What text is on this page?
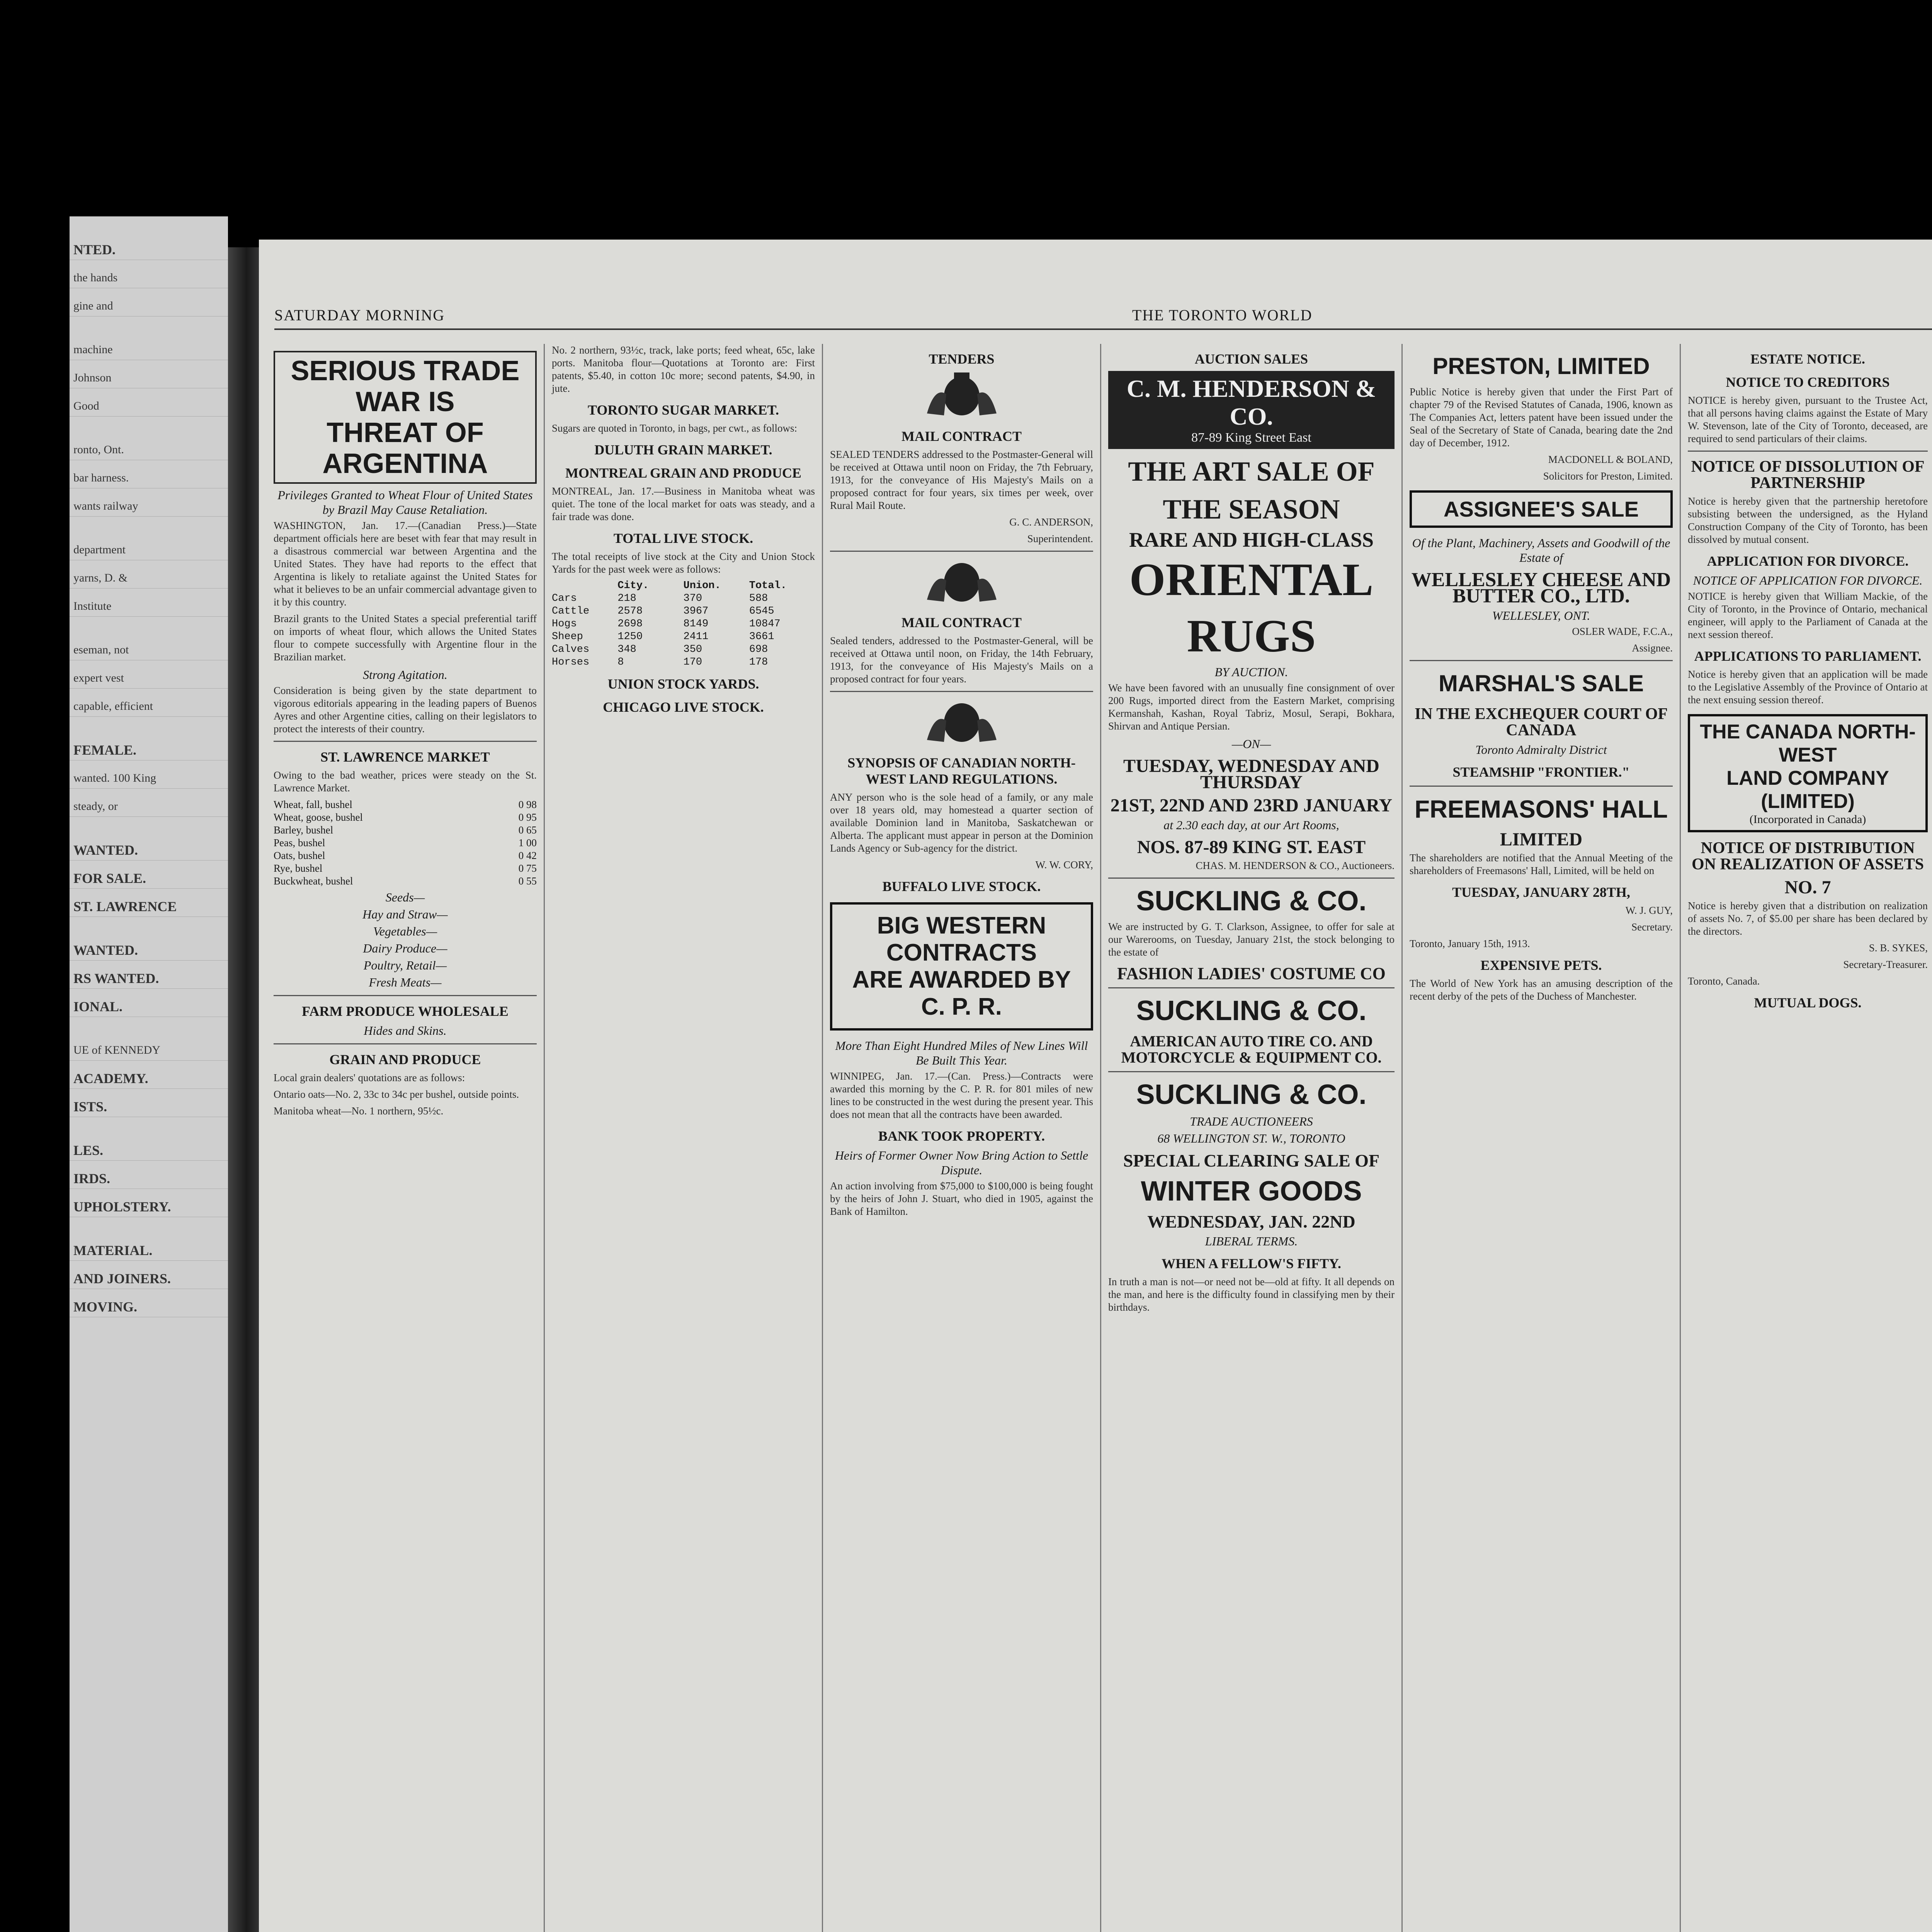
NTED.
the hands
gine and
machine
Johnson
Good
ronto, Ont.
bar harness.
wants railway
department
yarns, D. &
Institute
eseman, not
expert vest
capable, efficient
FEMALE.
wanted. 100 King
steady, or
WANTED.
FOR SALE.
ST. LAWRENCE
WANTED.
RS WANTED.
IONAL.
UE of KENNEDY
ACADEMY.
ISTS.
LES.
IRDS.
UPHOLSTERY.
MATERIAL.
AND JOINERS.
MOVING.
SATURDAY MORNING	THE TORONTO WORLD

SERIOUS TRADE WAR IS
THREAT OF ARGENTINA
Privileges Granted to Wheat Flour of United States by Brazil May Cause Retaliation.

WASHINGTON, Jan. 17.—(Canadian Press.)—State department officials here are beset with fear that may result in a disastrous commercial war between Argentina and the United States. They have had reports to the effect that Argentina is likely to retaliate against the United States for what it believes to be an unfair commercial advantage given to it by this country.

Brazil grants to the United States a special preferential tariff on imports of wheat flour, which allows the United States flour to compete successfully with Argentine flour in the Brazilian market.

Strong Agitation.

Consideration is being given by the state department to vigorous editorials appearing in the leading papers of Buenos Ayres and other Argentine cities, calling on their legislators to protect the interests of their country.

ST. LAWRENCE MARKET

Owing to the bad weather, prices were steady on the St. Lawrence Market.

Wheat, fall, bushel	0 98
Wheat, goose, bushel	0 95
Barley, bushel	0 65
Peas, bushel	1 00
Oats, bushel	0 42
Rye, bushel	0 75
Buckwheat, bushel	0 55
Seeds—
Hay and Straw—
Vegetables—
Dairy Produce—
Poultry, Retail—
Fresh Meats—
FARM PRODUCE WHOLESALE
Hides and Skins.
GRAIN AND PRODUCE

Local grain dealers' quotations are as follows:

Ontario oats—No. 2, 33c to 34c per bushel, outside points.

Manitoba wheat—No. 1 northern, 95½c.

No. 2 northern, 93½c, track, lake ports; feed wheat, 65c, lake ports. Manitoba flour—Quotations at Toronto are: First patents, $5.40, in cotton 10c more; second patents, $4.90, in jute.

TORONTO SUGAR MARKET.

Sugars are quoted in Toronto, in bags, per cwt., as follows:

DULUTH GRAIN MARKET.
MONTREAL GRAIN AND PRODUCE

MONTREAL, Jan. 17.—Business in Manitoba wheat was quiet. The tone of the local market for oats was steady, and a fair trade was done.

TOTAL LIVE STOCK.

The total receipts of live stock at the City and Union Stock Yards for the past week were as follows:

City.	Union.	Total.
Cars	218	370	588
Cattle	2578	3967	6545
Hogs	2698	8149	10847
Sheep	1250	2411	3661
Calves	348	350	698
Horses	8	170	178
UNION STOCK YARDS.
CHICAGO LIVE STOCK.
TENDERS
MAIL CONTRACT

SEALED TENDERS addressed to the Postmaster-General will be received at Ottawa until noon on Friday, the 7th February, 1913, for the conveyance of His Majesty's Mails on a proposed contract for four years, six times per week, over Rural Mail Route.

G. C. ANDERSON,

Superintendent.

MAIL CONTRACT

Sealed tenders, addressed to the Postmaster-General, will be received at Ottawa until noon, on Friday, the 14th February, 1913, for the conveyance of His Majesty's Mails on a proposed contract for four years.

SYNOPSIS OF CANADIAN NORTH-WEST LAND REGULATIONS.

ANY person who is the sole head of a family, or any male over 18 years old, may homestead a quarter section of available Dominion land in Manitoba, Saskatchewan or Alberta. The applicant must appear in person at the Dominion Lands Agency or Sub-agency for the district.

W. W. CORY,

BUFFALO LIVE STOCK.
BIG WESTERN CONTRACTS
ARE AWARDED BY C. P. R.
More Than Eight Hundred Miles of New Lines Will Be Built This Year.

WINNIPEG, Jan. 17.—(Can. Press.)—Contracts were awarded this morning by the C. P. R. for 801 miles of new lines to be constructed in the west during the present year. This does not mean that all the contracts have been awarded.

BANK TOOK PROPERTY.
Heirs of Former Owner Now Bring Action to Settle Dispute.

An action involving from $75,000 to $100,000 is being fought by the heirs of John J. Stuart, who died in 1905, against the Bank of Hamilton.

AUCTION SALES
C. M. HENDERSON & CO.
87-89 King Street East
THE ART SALE OF
THE SEASON
RARE AND HIGH-CLASS
ORIENTAL
RUGS
BY AUCTION.

We have been favored with an unusually fine consignment of over 200 Rugs, imported direct from the Eastern Market, comprising Kermanshah, Kashan, Royal Tabriz, Mosul, Serapi, Bokhara, Shirvan and Antique Persian.

—ON—
TUESDAY, WEDNESDAY AND THURSDAY
21ST, 22ND AND 23RD JANUARY
at 2.30 each day, at our Art Rooms,
NOS. 87-89 KING ST. EAST

CHAS. M. HENDERSON & CO., Auctioneers.

SUCKLING & CO.

We are instructed by G. T. Clarkson, Assignee, to offer for sale at our Warerooms, on Tuesday, January 21st, the stock belonging to the estate of

FASHION LADIES' COSTUME CO
SUCKLING & CO.
AMERICAN AUTO TIRE CO. AND MOTORCYCLE & EQUIPMENT CO.
SUCKLING & CO.
TRADE AUCTIONEERS
68 WELLINGTON ST. W., TORONTO
SPECIAL CLEARING SALE OF
WINTER GOODS
WEDNESDAY, JAN. 22ND
LIBERAL TERMS.
WHEN A FELLOW'S FIFTY.

In truth a man is not—or need not be—old at fifty. It all depends on the man, and here is the difficulty found in classifying men by their birthdays.

PRESTON, LIMITED

Public Notice is hereby given that under the First Part of chapter 79 of the Revised Statutes of Canada, 1906, known as The Companies Act, letters patent have been issued under the Seal of the Secretary of State of Canada, bearing date the 2nd day of December, 1912.

MACDONELL & BOLAND,

Solicitors for Preston, Limited.

ASSIGNEE'S SALE
Of the Plant, Machinery, Assets and Goodwill of the Estate of
WELLESLEY CHEESE AND BUTTER CO., LTD.
WELLESLEY, ONT.

OSLER WADE, F.C.A.,

Assignee.

MARSHAL'S SALE
IN THE EXCHEQUER COURT OF CANADA
Toronto Admiralty District
STEAMSHIP "FRONTIER."
FREEMASONS' HALL
LIMITED

The shareholders are notified that the Annual Meeting of the shareholders of Freemasons' Hall, Limited, will be held on

TUESDAY, JANUARY 28TH,

W. J. GUY,

Secretary.

Toronto, January 15th, 1913.

EXPENSIVE PETS.

The World of New York has an amusing description of the recent derby of the pets of the Duchess of Manchester.

ESTATE NOTICE.
NOTICE TO CREDITORS

NOTICE is hereby given, pursuant to the Trustee Act, that all persons having claims against the Estate of Mary W. Stevenson, late of the City of Toronto, deceased, are required to send particulars of their claims.

NOTICE OF DISSOLUTION OF PARTNERSHIP

Notice is hereby given that the partnership heretofore subsisting between the undersigned, as the Hyland Construction Company of the City of Toronto, has been dissolved by mutual consent.

APPLICATION FOR DIVORCE.
NOTICE OF APPLICATION FOR DIVORCE.

NOTICE is hereby given that William Mackie, of the City of Toronto, in the Province of Ontario, mechanical engineer, will apply to the Parliament of Canada at the next session thereof.

APPLICATIONS TO PARLIAMENT.

Notice is hereby given that an application will be made to the Legislative Assembly of the Province of Ontario at the next ensuing session thereof.

THE CANADA NORTH-WEST
LAND COMPANY (LIMITED)
(Incorporated in Canada)
NOTICE OF DISTRIBUTION ON REALIZATION OF ASSETS
NO. 7

Notice is hereby given that a distribution on realization of assets No. 7, of $5.00 per share has been declared by the directors.

S. B. SYKES,

Secretary-Treasurer.

Toronto, Canada.

MUTUAL DOGS.
